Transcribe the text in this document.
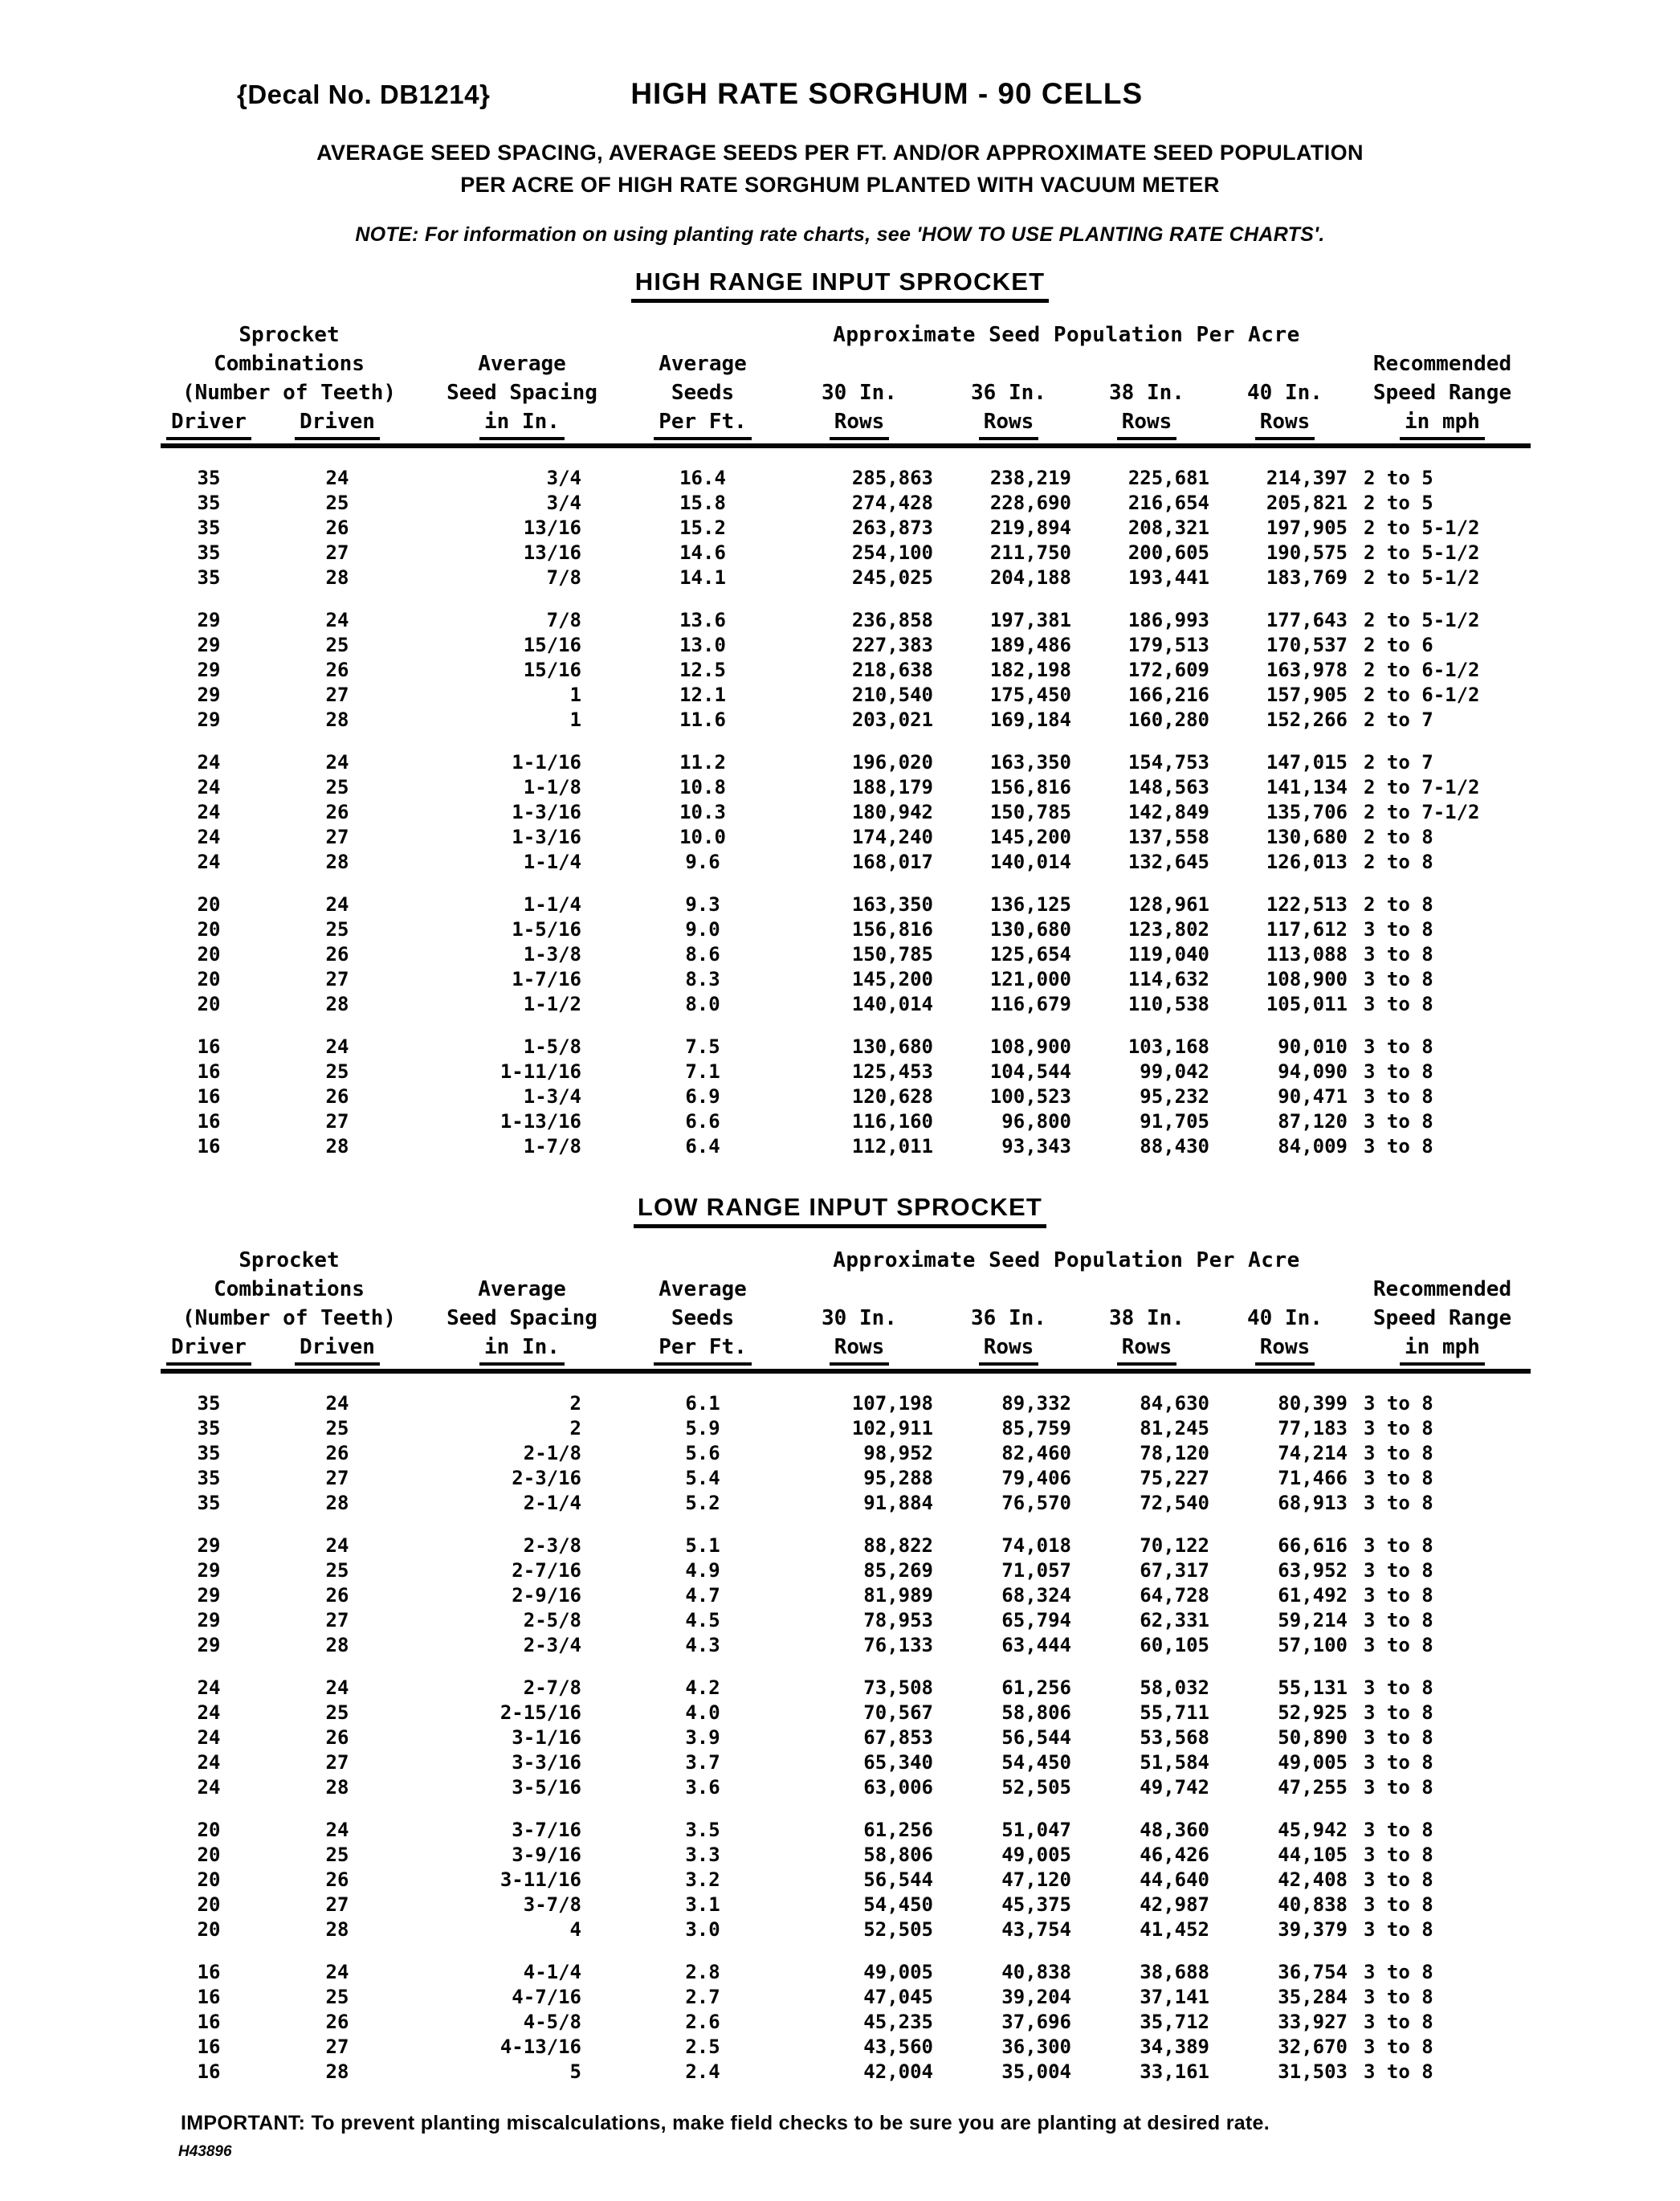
{Decal No. DB1214}	HIGH RATE SORGHUM - 90 CELLS
AVERAGE SEED SPACING, AVERAGE SEEDS PER FT. AND/OR APPROXIMATE SEED POPULATION
PER ACRE OF HIGH RATE SORGHUM PLANTED WITH VACUUM METER
NOTE: For information on using planting rate charts, see 'HOW TO USE PLANTING RATE CHARTS'.
HIGH RANGE INPUT SPROCKET
Sprocket	Approximate Seed Population Per Acre
Combinations	Average	Average	Recommended
(Number of Teeth)	Seed Spacing	Seeds	30 In.	36 In.	38 In.	40 In.	Speed Range
Driver	Driven	in In.	Per Ft.	Rows	Rows	Rows	Rows	in mph
35	24	3/4	16.4	285,863	238,219	225,681	214,397 2 to 5
35	25	3/4	15.8	274,428	228,690	216,654	205,821 2 to 5
35	26	13/16	15.2	263,873	219,894	208,321	197,905 2 to 5-1/2
35	27	13/16	14.6	254,100	211,750	200,605	190,575 2 to 5-1/2
35	28	7/8	14.1	245,025	204,188	193,441	183,769 2 to 5-1/2
29	24	7/8	13.6	236,858	197,381	186,993	177,643 2 to 5-1/2
29	25	15/16	13.0	227,383	189,486	179,513	170,537 2 to 6
29	26	15/16	12.5	218,638	182,198	172,609	163,978 2 to 6-1/2
29	27	1	12.1	210,540	175,450	166,216	157,905 2 to 6-1/2
29	28	1	11.6	203,021	169,184	160,280	152,266 2 to 7
24	24	1-1/16	11.2	196,020	163,350	154,753	147,015 2 to 7
24	25	1-1/8	10.8	188,179	156,816	148,563	141,134 2 to 7-1/2
24	26	1-3/16	10.3	180,942	150,785	142,849	135,706 2 to 7-1/2
24	27	1-3/16	10.0	174,240	145,200	137,558	130,680 2 to 8
24	28	1-1/4	9.6	168,017	140,014	132,645	126,013 2 to 8
20	24	1-1/4	9.3	163,350	136,125	128,961	122,513 2 to 8
20	25	1-5/16	9.0	156,816	130,680	123,802	117,612 3 to 8
20	26	1-3/8	8.6	150,785	125,654	119,040	113,088 3 to 8
20	27	1-7/16	8.3	145,200	121,000	114,632	108,900 3 to 8
20	28	1-1/2	8.0	140,014	116,679	110,538	105,011 3 to 8
16	24	1-5/8	7.5	130,680	108,900	103,168	90,010 3 to 8
16	25	1-11/16	7.1	125,453	104,544	99,042	94,090 3 to 8
16	26	1-3/4	6.9	120,628	100,523	95,232	90,471 3 to 8
16	27	1-13/16	6.6	116,160	96,800	91,705	87,120 3 to 8
16	28	1-7/8	6.4	112,011	93,343	88,430	84,009 3 to 8
LOW RANGE INPUT SPROCKET
Sprocket	Approximate Seed Population Per Acre
Combinations	Average	Average	Recommended
(Number of Teeth)	Seed Spacing	Seeds	30 In.	36 In.	38 In.	40 In.	Speed Range
Driver	Driven	in In.	Per Ft.	Rows	Rows	Rows	Rows	in mph
35	24	2	6.1	107,198	89,332	84,630	80,399 3 to 8
35	25	2	5.9	102,911	85,759	81,245	77,183 3 to 8
35	26	2-1/8	5.6	98,952	82,460	78,120	74,214 3 to 8
35	27	2-3/16	5.4	95,288	79,406	75,227	71,466 3 to 8
35	28	2-1/4	5.2	91,884	76,570	72,540	68,913 3 to 8
29	24	2-3/8	5.1	88,822	74,018	70,122	66,616 3 to 8
29	25	2-7/16	4.9	85,269	71,057	67,317	63,952 3 to 8
29	26	2-9/16	4.7	81,989	68,324	64,728	61,492 3 to 8
29	27	2-5/8	4.5	78,953	65,794	62,331	59,214 3 to 8
29	28	2-3/4	4.3	76,133	63,444	60,105	57,100 3 to 8
24	24	2-7/8	4.2	73,508	61,256	58,032	55,131 3 to 8
24	25	2-15/16	4.0	70,567	58,806	55,711	52,925 3 to 8
24	26	3-1/16	3.9	67,853	56,544	53,568	50,890 3 to 8
24	27	3-3/16	3.7	65,340	54,450	51,584	49,005 3 to 8
24	28	3-5/16	3.6	63,006	52,505	49,742	47,255 3 to 8
20	24	3-7/16	3.5	61,256	51,047	48,360	45,942 3 to 8
20	25	3-9/16	3.3	58,806	49,005	46,426	44,105 3 to 8
20	26	3-11/16	3.2	56,544	47,120	44,640	42,408 3 to 8
20	27	3-7/8	3.1	54,450	45,375	42,987	40,838 3 to 8
20	28	4	3.0	52,505	43,754	41,452	39,379 3 to 8
16	24	4-1/4	2.8	49,005	40,838	38,688	36,754 3 to 8
16	25	4-7/16	2.7	47,045	39,204	37,141	35,284 3 to 8
16	26	4-5/8	2.6	45,235	37,696	35,712	33,927 3 to 8
16	27	4-13/16	2.5	43,560	36,300	34,389	32,670 3 to 8
16	28	5	2.4	42,004	35,004	33,161	31,503 3 to 8
IMPORTANT: To prevent planting miscalculations, make field checks to be sure you are planting at desired rate.
H43896
